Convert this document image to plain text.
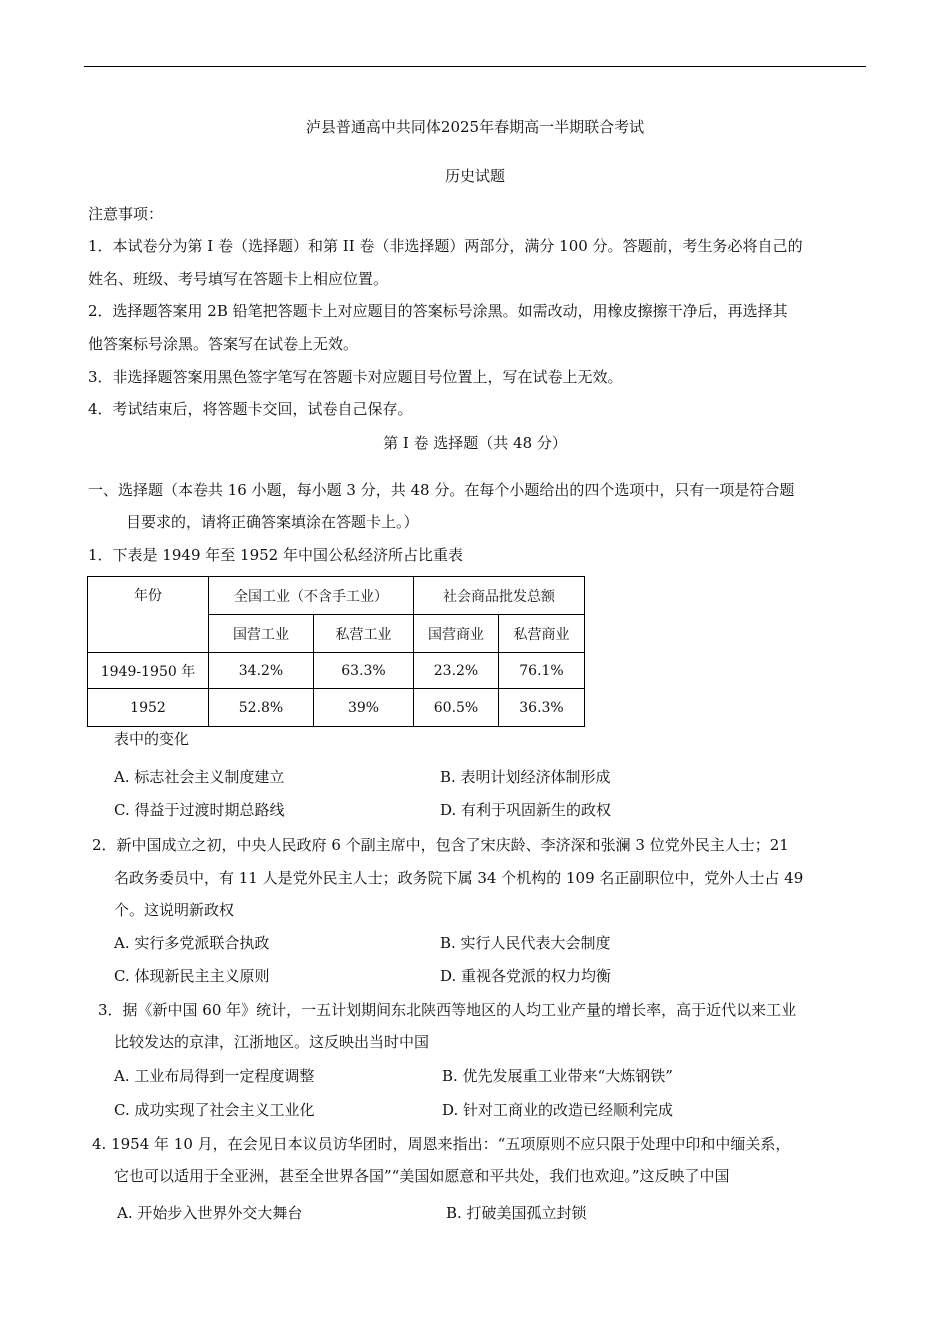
泸县普通高中共同体2025年春期高一半期联合考试
历史试题
注意事项：
1．本试卷分为第 I 卷（选择题）和第 II 卷（非选择题）两部分，满分 100 分。答题前，考生务必将自己的
姓名、班级、考号填写在答题卡上相应位置。
2．选择题答案用 2B 铅笔把答题卡上对应题目的答案标号涂黑。如需改动，用橡皮擦擦干净后，再选择其
他答案标号涂黑。答案写在试卷上无效。
3．非选择题答案用黑色签字笔写在答题卡对应题目号位置上，写在试卷上无效。
4．考试结束后，将答题卡交回，试卷自己保存。
第 I 卷 选择题（共 48 分）
一、选择题（本卷共 16 小题，每小题 3 分，共 48 分。在每个小题给出的四个选项中，只有一项是符合题
目要求的，请将正确答案填涂在答题卡上。）
1．下表是 1949 年至 1952 年中国公私经济所占比重表
年份	全国工业（不含手工业）		社会商品批发总额	
	国营工业	私营工业	国营商业	私营商业
1949-1950 年	34.2%	63.3%	23.2%	76.1%
1952	52.8%	39%	60.5%	36.3%
表中的变化
A. 标志社会主义制度建立	B. 表明计划经济体制形成
C. 得益于过渡时期总路线	D. 有利于巩固新生的政权
2．新中国成立之初，中央人民政府 6 个副主席中，包含了宋庆龄、李济深和张澜 3 位党外民主人士；21
名政务委员中，有 11 人是党外民主人士；政务院下属 34 个机构的 109 名正副职位中，党外人士占 49
个。这说明新政权
A. 实行多党派联合执政	B. 实行人民代表大会制度
C. 体现新民主主义原则	D. 重视各党派的权力均衡
3．据《新中国 60 年》统计，一五计划期间东北陕西等地区的人均工业产量的增长率，高于近代以来工业
比较发达的京津，江浙地区。这反映出当时中国
A. 工业布局得到一定程度调整	B. 优先发展重工业带来“大炼钢铁”
C. 成功实现了社会主义工业化	D. 针对工商业的改造已经顺利完成
4. 1954 年 10 月，在会见日本议员访华团时，周恩来指出：“五项原则不应只限于处理中印和中缅关系，
它也可以适用于全亚洲，甚至全世界各国”“美国如愿意和平共处，我们也欢迎。”这反映了中国
A. 开始步入世界外交大舞台	B. 打破美国孤立封锁
